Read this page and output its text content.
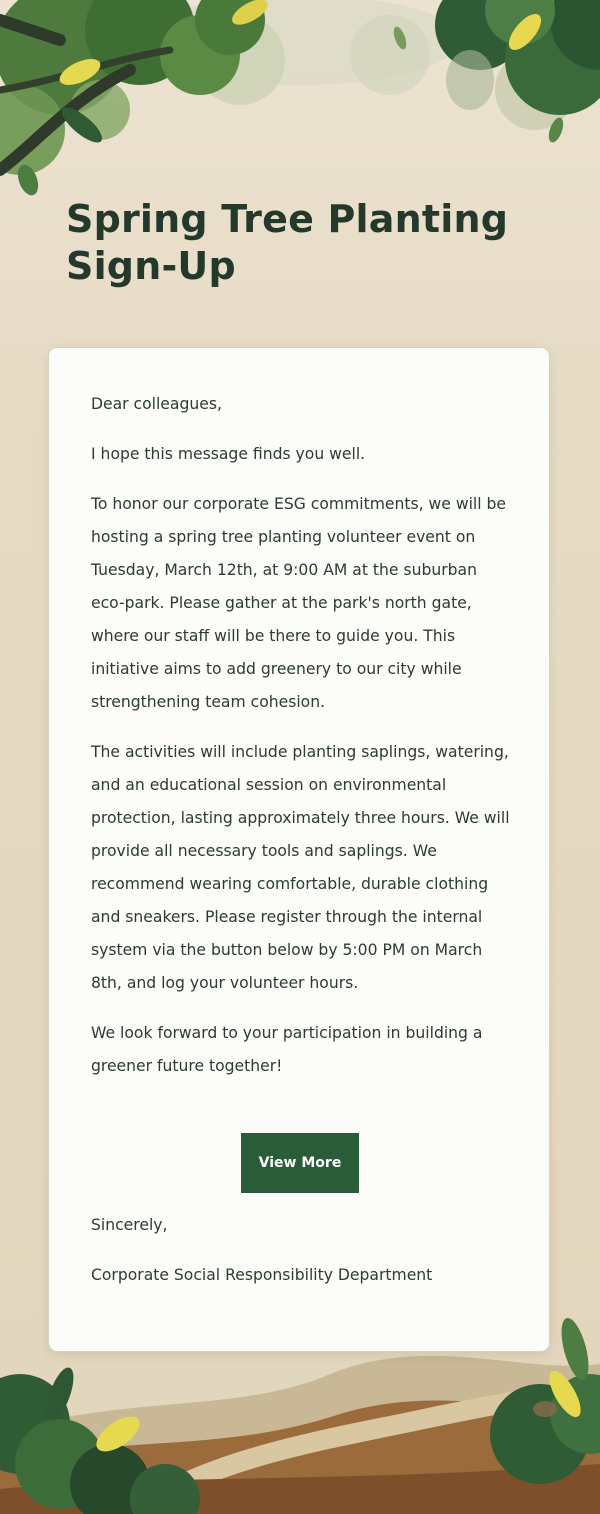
Spring Tree Planting Sign-Up

Dear colleagues,

I hope this message finds you well.

To honor our corporate ESG commitments, we will be hosting a spring tree planting volunteer event on Tuesday, March 12th, at 9:00 AM at the suburban eco-park. Please gather at the park's north gate, where our staff will be there to guide you. This initiative aims to add greenery to our city while strengthening team cohesion.

The activities will include planting saplings, watering, and an educational session on environmental protection, lasting approximately three hours. We will provide all necessary tools and saplings. We recommend wearing comfortable, durable clothing and sneakers. Please register through the internal system via the button below by 5:00 PM on March 8th, and log your volunteer hours.

We look forward to your participation in building a greener future together!

View More

Sincerely,

Corporate Social Responsibility Department
